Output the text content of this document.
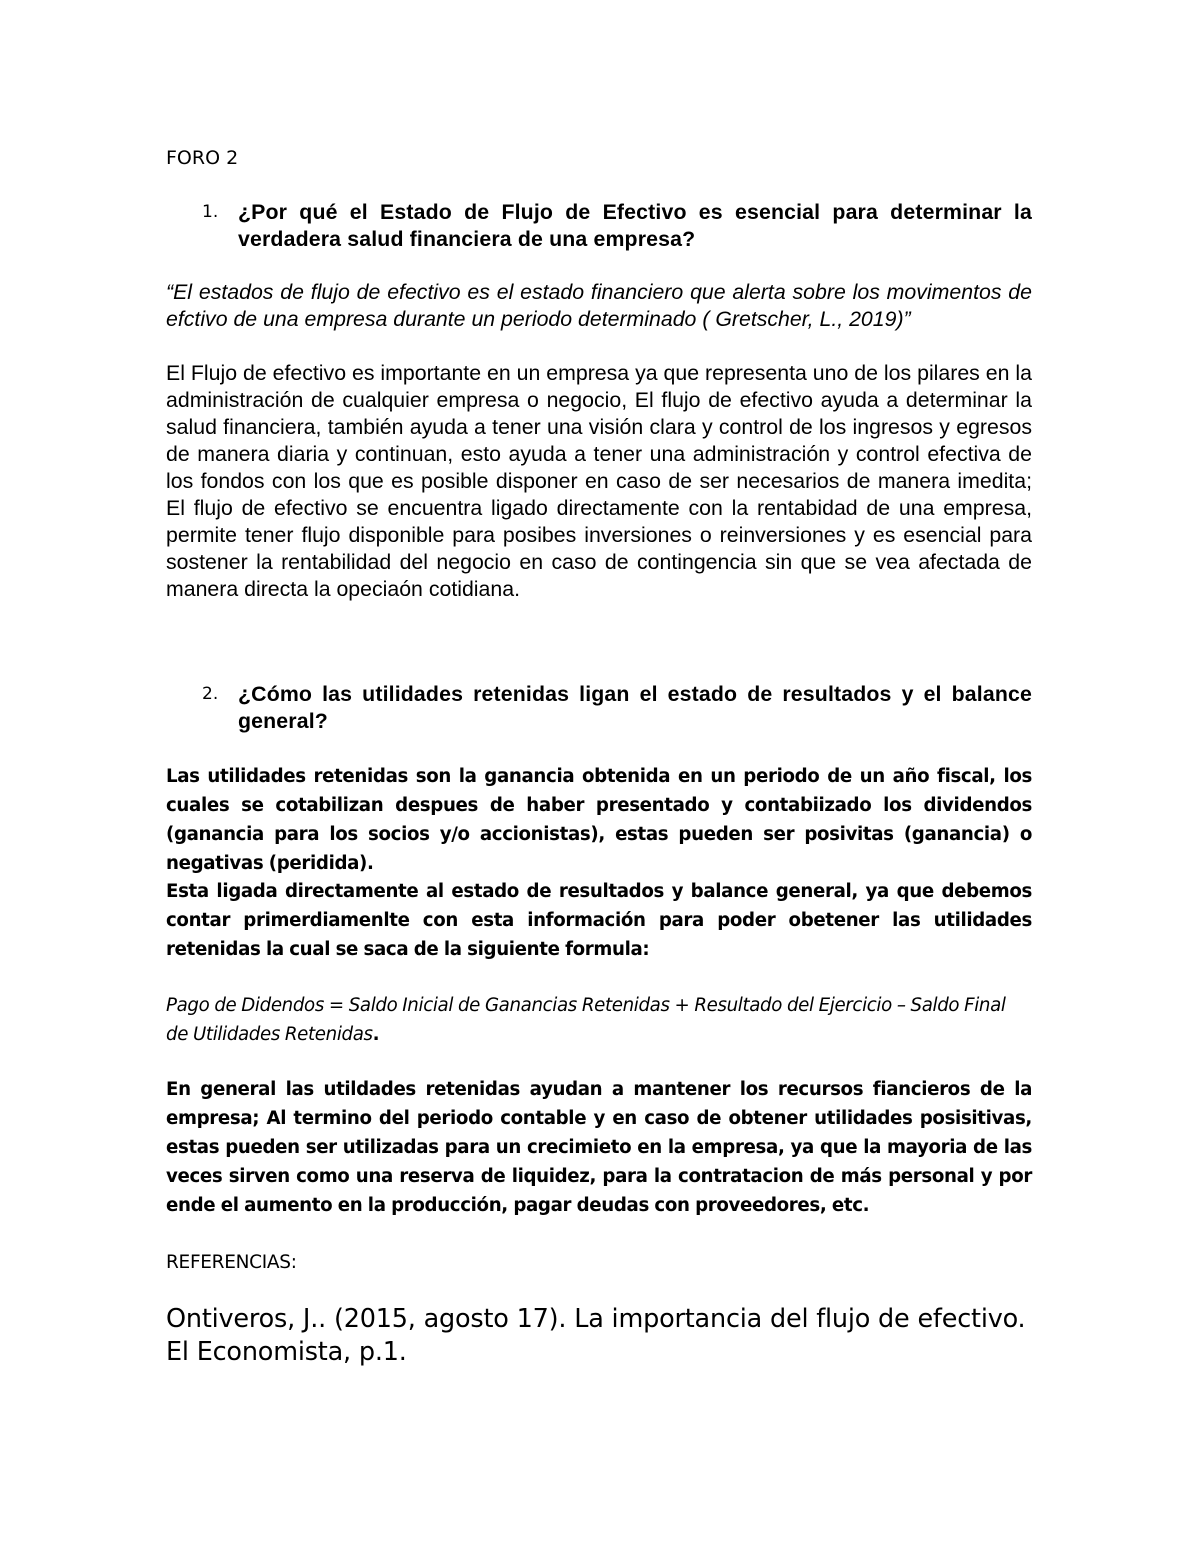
FORO 2
1. ¿Por qué el Estado de Flujo de Efectivo es esencial para determinar la verdadera salud financiera de una empresa?
“El estados de flujo de efectivo es el estado financiero que alerta sobre los movimentos de efctivo de una empresa durante un periodo determinado ( Gretscher, L., 2019)”
El Flujo de efectivo es importante en un empresa ya que representa uno de los pilares en la administración de cualquier empresa o negocio, El flujo de efectivo ayuda a determinar la salud financiera, también ayuda a tener una visión clara y control de los ingresos y egresos de manera diaria y continuan, esto ayuda a tener una administración y control efectiva de los fondos con los que es posible disponer en caso de ser necesarios de manera imedita; El flujo de efectivo se encuentra ligado directamente con la rentabidad de una empresa, permite tener flujo disponible para posibes inversiones o reinversiones y es esencial para sostener la rentabilidad del negocio en caso de contingencia sin que se vea afectada de manera directa la opeciaón cotidiana.
2. ¿Cómo las utilidades retenidas ligan el estado de resultados y el balance general?
Las utilidades retenidas son la ganancia obtenida en un periodo de un año fiscal, los cuales se cotabilizan despues de haber presentado y contabiizado los dividendos (ganancia para los socios y/o accionistas), estas pueden ser posivitas (ganancia) o negativas (peridida).
Esta ligada directamente al estado de resultados y balance general, ya que debemos contar primerdiamenlte con esta información para poder obetener las utilidades retenidas la cual se saca de la siguiente formula:
Pago de Didendos = Saldo Inicial de Ganancias Retenidas + Resultado del Ejercicio – Saldo Final de Utilidades Retenidas.
En general las utildades retenidas ayudan a mantener los recursos fiancieros de la empresa; Al termino del periodo contable y en caso de obtener utilidades posisitivas, estas pueden ser utilizadas para un crecimieto en la empresa, ya que la mayoria de las veces sirven como una reserva de liquidez, para la contratacion de más personal y por ende el aumento en la producción, pagar deudas con proveedores, etc.
REFERENCIAS:
Ontiveros, J.. (2015, agosto 17). La importancia del flujo de efectivo. El Economista, p.1.
